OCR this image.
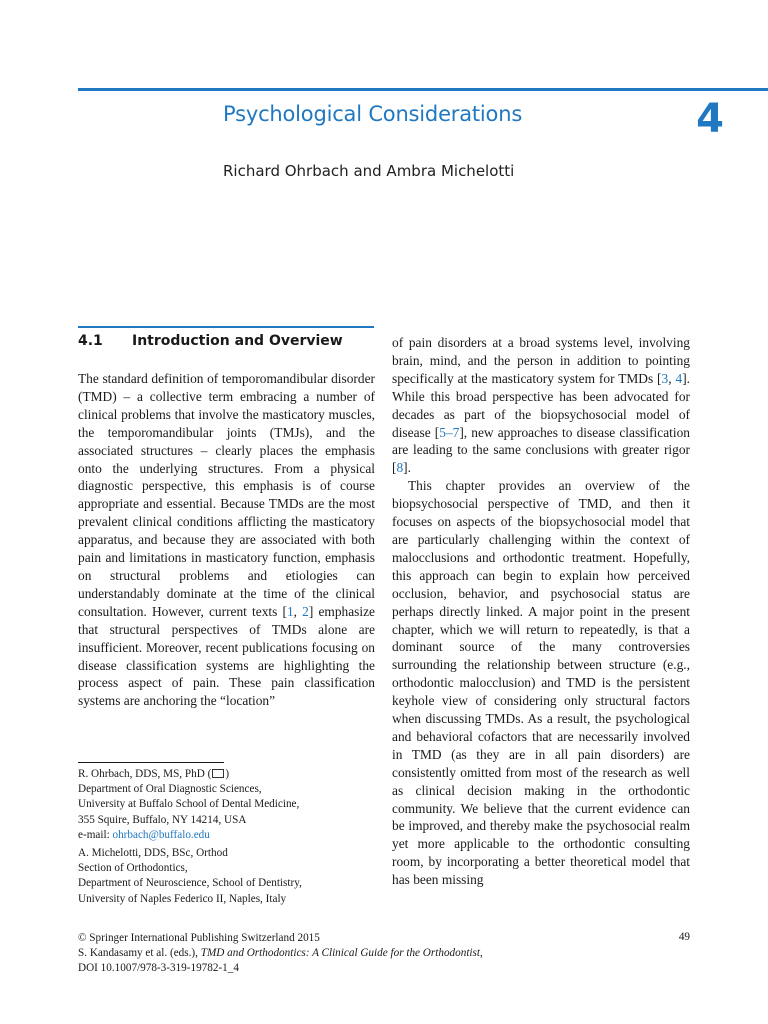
Psychological Considerations	4
Richard Ohrbach and Ambra Michelotti
4.1 Introduction and Overview

The standard definition of temporomandibular disorder (TMD) – a collective term embracing a number of clinical problems that involve the masticatory muscles, the temporomandibular joints (TMJs), and the associated structures – clearly places the emphasis onto the underlying structures. From a physical diagnostic perspective, this emphasis is of course appropriate and essential. Because TMDs are the most prevalent clinical conditions afflicting the masticatory apparatus, and because they are associated with both pain and limitations in masticatory function, emphasis on structural problems and etiologies can understandably dominate at the time of the clinical consultation. However, current texts [1, 2] emphasize that structural perspectives of TMDs alone are insufficient. Moreover, recent publications focusing on disease classification systems are highlighting the process aspect of pain. These pain classification systems are anchoring the “location”

of pain disorders at a broad systems level, involving brain, mind, and the person in addition to pointing specifically at the masticatory system for TMDs [3, 4]. While this broad perspective has been advocated for decades as part of the biopsychosocial model of disease [5–7], new approaches to disease classification are leading to the same conclusions with greater rigor [8].

This chapter provides an overview of the biopsychosocial perspective of TMD, and then it focuses on aspects of the biopsychosocial model that are particularly challenging within the context of malocclusions and orthodontic treatment. Hopefully, this approach can begin to explain how perceived occlusion, behavior, and psychosocial status are perhaps directly linked. A major point in the present chapter, which we will return to repeatedly, is that a dominant source of the many controversies surrounding the relationship between structure (e.g., orthodontic malocclusion) and TMD is the persistent keyhole view of considering only structural factors when discussing TMDs. As a result, the psychological and behavioral cofactors that are necessarily involved in TMD (as they are in all pain disorders) are consistently omitted from most of the research as well as clinical decision making in the orthodontic community. We believe that the current evidence can be improved, and thereby make the psychosocial realm yet more applicable to the orthodontic consulting room, by incorporating a better theoretical model that has been missing

R. Ohrbach, DDS, MS, PhD ( )
Department of Oral Diagnostic Sciences,
University at Buffalo School of Dental Medicine,
355 Squire, Buffalo, NY 14214, USA
e-mail: ohrbach@buffalo.edu
A. Michelotti, DDS, BSc, Orthod
Section of Orthodontics,
Department of Neuroscience, School of Dentistry,
University of Naples Federico II, Naples, Italy
© Springer International Publishing Switzerland 2015
S. Kandasamy et al. (eds.), TMD and Orthodontics: A Clinical Guide for the Orthodontist,
DOI 10.1007/978-3-319-19782-1_4
49
